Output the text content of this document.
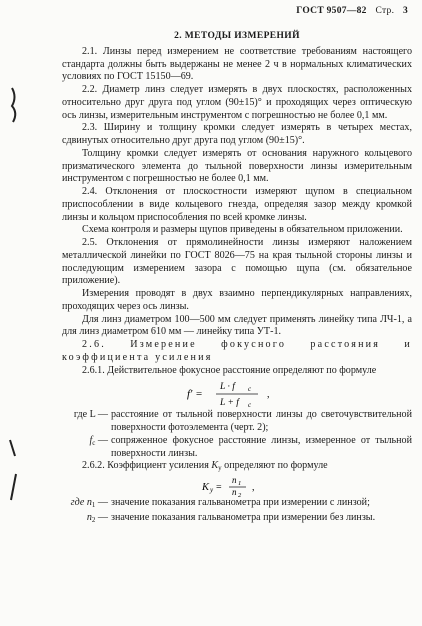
ГОСТ 9507—82 Стр. 3
2. МЕТОДЫ ИЗМЕРЕНИЙ

2.1. Линзы перед измерением не соответствие требованиям настоящего стандарта должны быть выдержаны не менее 2 ч в нормальных климатических условиях по ГОСТ 15150—69.

2.2. Диаметр линз следует измерять в двух плоскостях, расположенных относительно друг друга под углом (90±15)° и проходящих через оптическую ось линзы, измерительным инструментом с погрешностью не более 0,1 мм.

2.3. Ширину и толщину кромки следует измерять в четырех местах, сдвинутых относительно друг друга под углом (90±15)°.

Толщину кромки следует измерять от основания наружного кольцевого призматического элемента до тыльной поверхности линзы измерительным инструментом с погрешностью не более 0,1 мм.

2.4. Отклонения от плоскостности измеряют щупом в специальном приспособлении в виде кольцевого гнезда, определяя зазор между кромкой линзы и кольцом приспособления по всей кромке линзы.

Схема контроля и размеры щупов приведены в обязательном приложении.

2.5. Отклонения от прямолинейности линзы измеряют наложением металлической линейки по ГОСТ 8026—75 на края тыльной стороны линзы и последующим измерением зазора с помощью щупа (см. обязательное приложение).

Измерения проводят в двух взаимно перпендикулярных направлениях, проходящих через ось линзы.

Для линз диаметром 100—500 мм следует применять линейку типа ЛЧ-1, а для линз диаметром 610 мм — линейку типа УТ-1.

2.6. Измерение фокусного расстояния и коэффициента усиления

2.6.1. Действительное фокусное расстояние определяют по формуле

f′ =
L · f c
L + f c
,
где L — расстояние от тыльной поверхности линзы до светочувствительной поверхности фотоэлемента (черт. 2);
$f_c$ — сопряженное фокусное расстояние линзы, измеренное от тыльной поверхности линзы.

2.6.2. Коэффициент усиления $K_y$ определяют по формуле

K y =
n 1
n 2
,
где $n_1$ — значение показания гальванометра при измерении с линзой;
$n_2$ — значение показания гальванометра при измерении без линзы.
